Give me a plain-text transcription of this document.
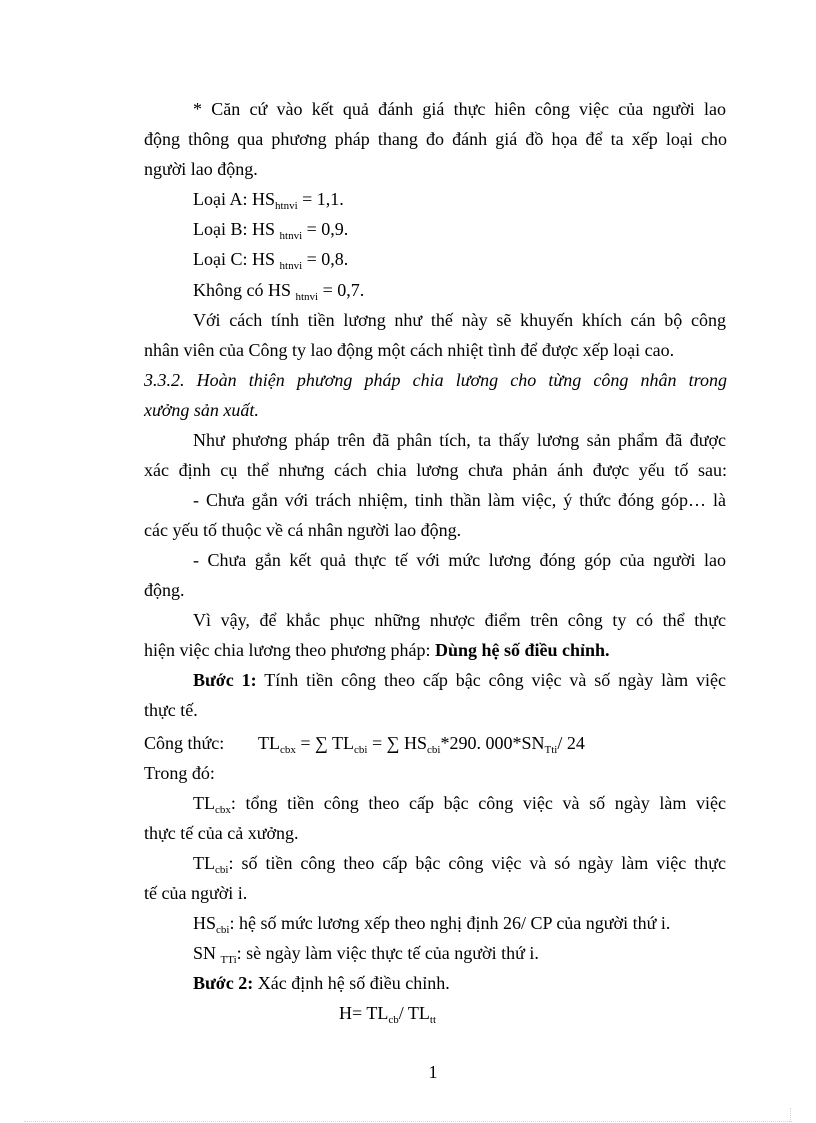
* Căn cứ vào kết quả đánh giá thực hiên công việc của người lao
động thông qua phương pháp thang đo đánh giá đồ họa để ta xếp loại cho
người lao động.
Loại A: $HS_{htnvi} = 1,1$.
Loại B: HS $_{htnvi}$ = 0,9.
Loại C: HS $_{htnvi}$ = 0,8.
Không có HS $_{htnvi}$ = 0,7.
Với cách tính tiền lương như thế này sẽ khuyến khích cán bộ công
nhân viên của Công ty lao động một cách nhiệt tình để được xếp loại cao.
3.3.2. Hoàn thiện phương pháp chia lương cho từng công nhân trong
xưởng sản xuất.
Như phương pháp trên đã phân tích, ta thấy lương sản phẩm đã được
xác định cụ thể nhưng cách chia lương chưa phản ánh được yếu tố sau:
- Chưa gắn với trách nhiệm, tinh thần làm việc, ý thức đóng góp… là
các yếu tố thuộc về cá nhân người lao động.
- Chưa gắn kết quả thực tế với mức lương đóng góp của người lao
động.
Vì vậy, để khắc phục những nhược điểm trên công ty có thể thực
hiện việc chia lương theo phương pháp: Dùng hệ số điều chỉnh.
Bước 1: Tính tiền công theo cấp bậc công việc và số ngày làm việc
thực tế.
Công thức: $TL_{cbx}$ = ∑ $TL_{cbi}$ = ∑ $HS_{cbi}*290$. $000*SN_{Tti}/$ 24
Trong đó:
$TL_{cbx}$: tổng tiền công theo cấp bậc công việc và số ngày làm việc
thực tế của cả xưởng.
$TL_{cbi}$: số tiền công theo cấp bậc công việc và só ngày làm việc thực
tế của người i.
$HS_{cbi}$: hệ số mức lương xếp theo nghị định 26/ CP của người thứ i.
SN $_{TTi}$: sè ngày làm việc thực tế của người thứ i.
Bước 2: Xác định hệ số điều chỉnh.
$H= TL_{cb}/$ $TL_{tt}$
1
